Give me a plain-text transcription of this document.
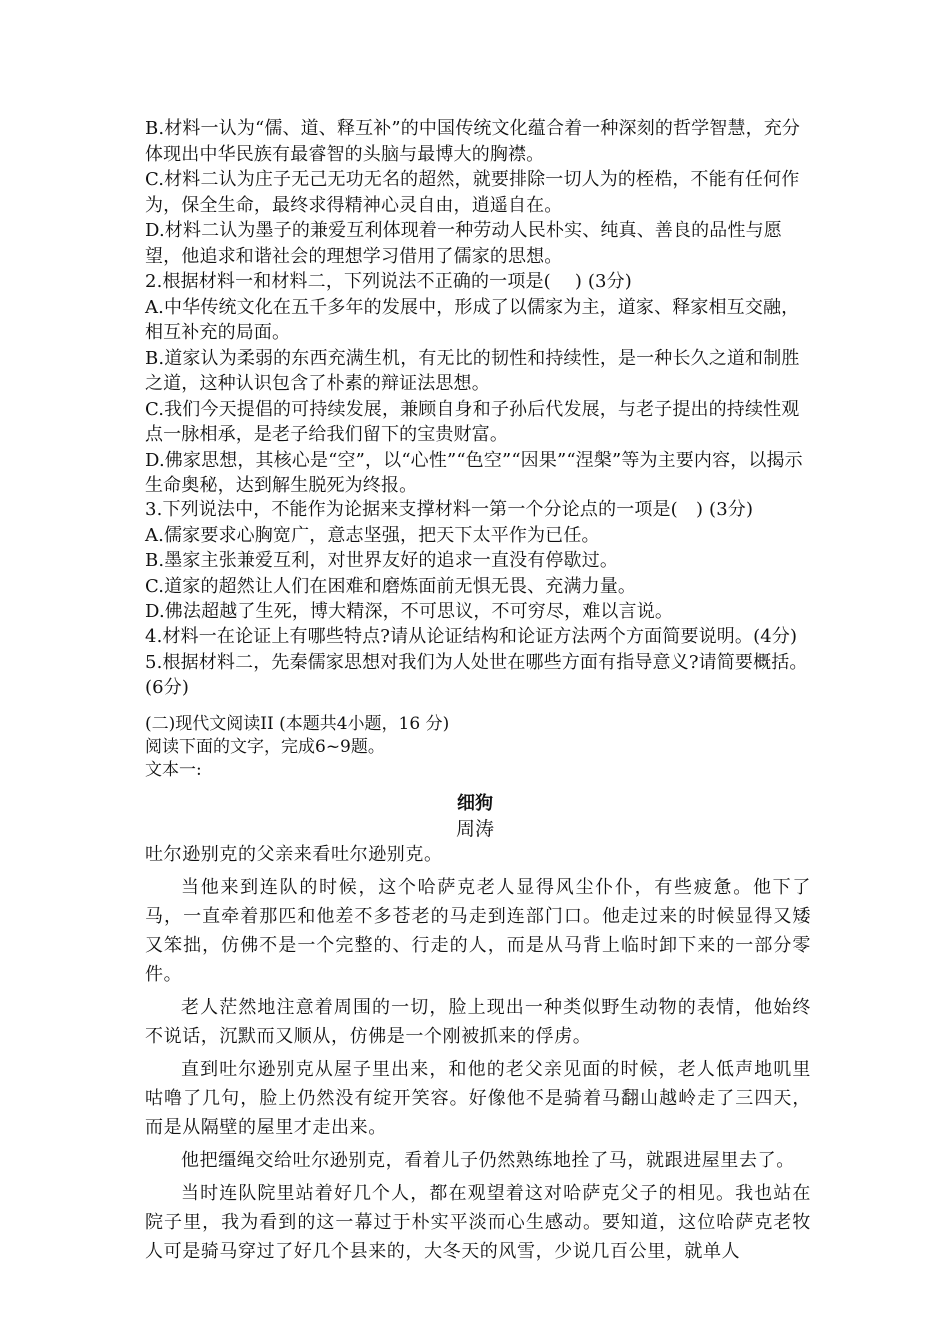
B.材料一认为“儒、道、释互补”的中国传统文化蕴合着一种深刻的哲学智慧，充分体现出中华民族有最睿智的头脑与最博大的胸襟。

C.材料二认为庄子无己无功无名的超然，就要排除一切人为的桎梏，不能有任何作为，保全生命，最终求得精神心灵自由，逍遥自在。

D.材料二认为墨子的兼爱互利体现着一种劳动人民朴实、纯真、善良的品性与愿望，他追求和谐社会的理想学习借用了儒家的思想。

2.根据材料一和材料二，下列说法不正确的一项是(　 ) (3分)

A.中华传统文化在五千多年的发展中，形成了以儒家为主，道家、释家相互交融，相互补充的局面。

B.道家认为柔弱的东西充满生机，有无比的韧性和持续性，是一种长久之道和制胜之道，这种认识包含了朴素的辩证法思想。

C.我们今天提倡的可持续发展，兼顾自身和子孙后代发展，与老子提出的持续性观点一脉相承，是老子给我们留下的宝贵财富。

D.佛家思想，其核心是“空”，以“心性”“色空”“因果”“涅槃”等为主要内容，以揭示生命奥秘，达到解生脱死为终报。

3.下列说法中，不能作为论据来支撑材料一第一个分论点的一项是(　) (3分)

A.儒家要求心胸宽广，意志坚强，把天下太平作为已任。

B.墨家主张兼爱互利，对世界友好的追求一直没有停歇过。

C.道家的超然让人们在困难和磨炼面前无惧无畏、充满力量。

D.佛法超越了生死，博大精深，不可思议，不可穷尽，难以言说。

4.材料一在论证上有哪些特点?请从论证结构和论证方法两个方面简要说明。(4分)

5.根据材料二，先秦儒家思想对我们为人处世在哪些方面有指导意义?请简要概括。 (6分)

(二)现代文阅读II (本题共4小题，16 分)

阅读下面的文字，完成6~9题。

文本一:

细狗
周涛

吐尔逊别克的父亲来看吐尔逊别克。

当他来到连队的时候，这个哈萨克老人显得风尘仆仆，有些疲惫。他下了马，一直牵着那匹和他差不多苍老的马走到连部门口。他走过来的时候显得又矮又笨拙，仿佛不是一个完整的、行走的人，而是从马背上临时卸下来的一部分零件。

老人茫然地注意着周围的一切，脸上现出一种类似野生动物的表情，他始终不说话，沉默而又顺从，仿佛是一个刚被抓来的俘虏。

直到吐尔逊别克从屋子里出来，和他的老父亲见面的时候，老人低声地叽里咕噜了几句，脸上仍然没有绽开笑容。好像他不是骑着马翻山越岭走了三四天，而是从隔壁的屋里才走出来。

他把缰绳交给吐尔逊别克，看着儿子仍然熟练地拴了马，就跟进屋里去了。

当时连队院里站着好几个人，都在观望着这对哈萨克父子的相见。我也站在院子里，我为看到的这一幕过于朴实平淡而心生感动。要知道，这位哈萨克老牧人可是骑马穿过了好几个县来的，大冬天的风雪，少说几百公里，就单人
